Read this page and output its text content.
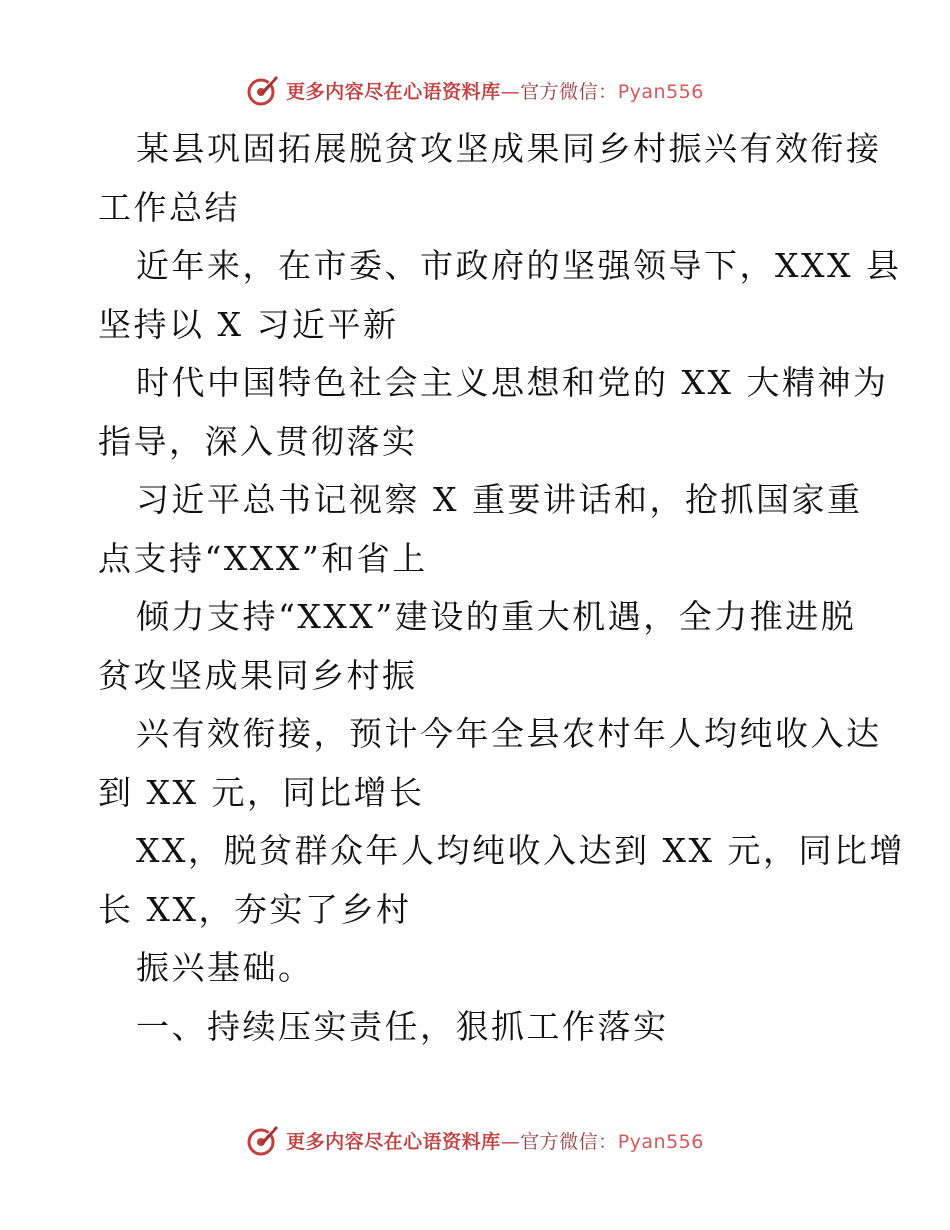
更多内容尽在心语资料库—官方微信：Pyan556
某县巩固拓展脱贫攻坚成果同乡村振兴有效衔接
工作总结
近年来，在市委、市政府的坚强领导下，XXX 县
坚持以 X 习近平新
时代中国特色社会主义思想和党的 XX 大精神为
指导，深入贯彻落实
习近平总书记视察 X 重要讲话和，抢抓国家重
点支持“XXX”和省上
倾力支持“XXX”建设的重大机遇，全力推进脱
贫攻坚成果同乡村振
兴有效衔接，预计今年全县农村年人均纯收入达
到 XX 元，同比增长
XX，脱贫群众年人均纯收入达到 XX 元，同比增
长 XX，夯实了乡村
振兴基础。
一、持续压实责任，狠抓工作落实
更多内容尽在心语资料库—官方微信：Pyan556
